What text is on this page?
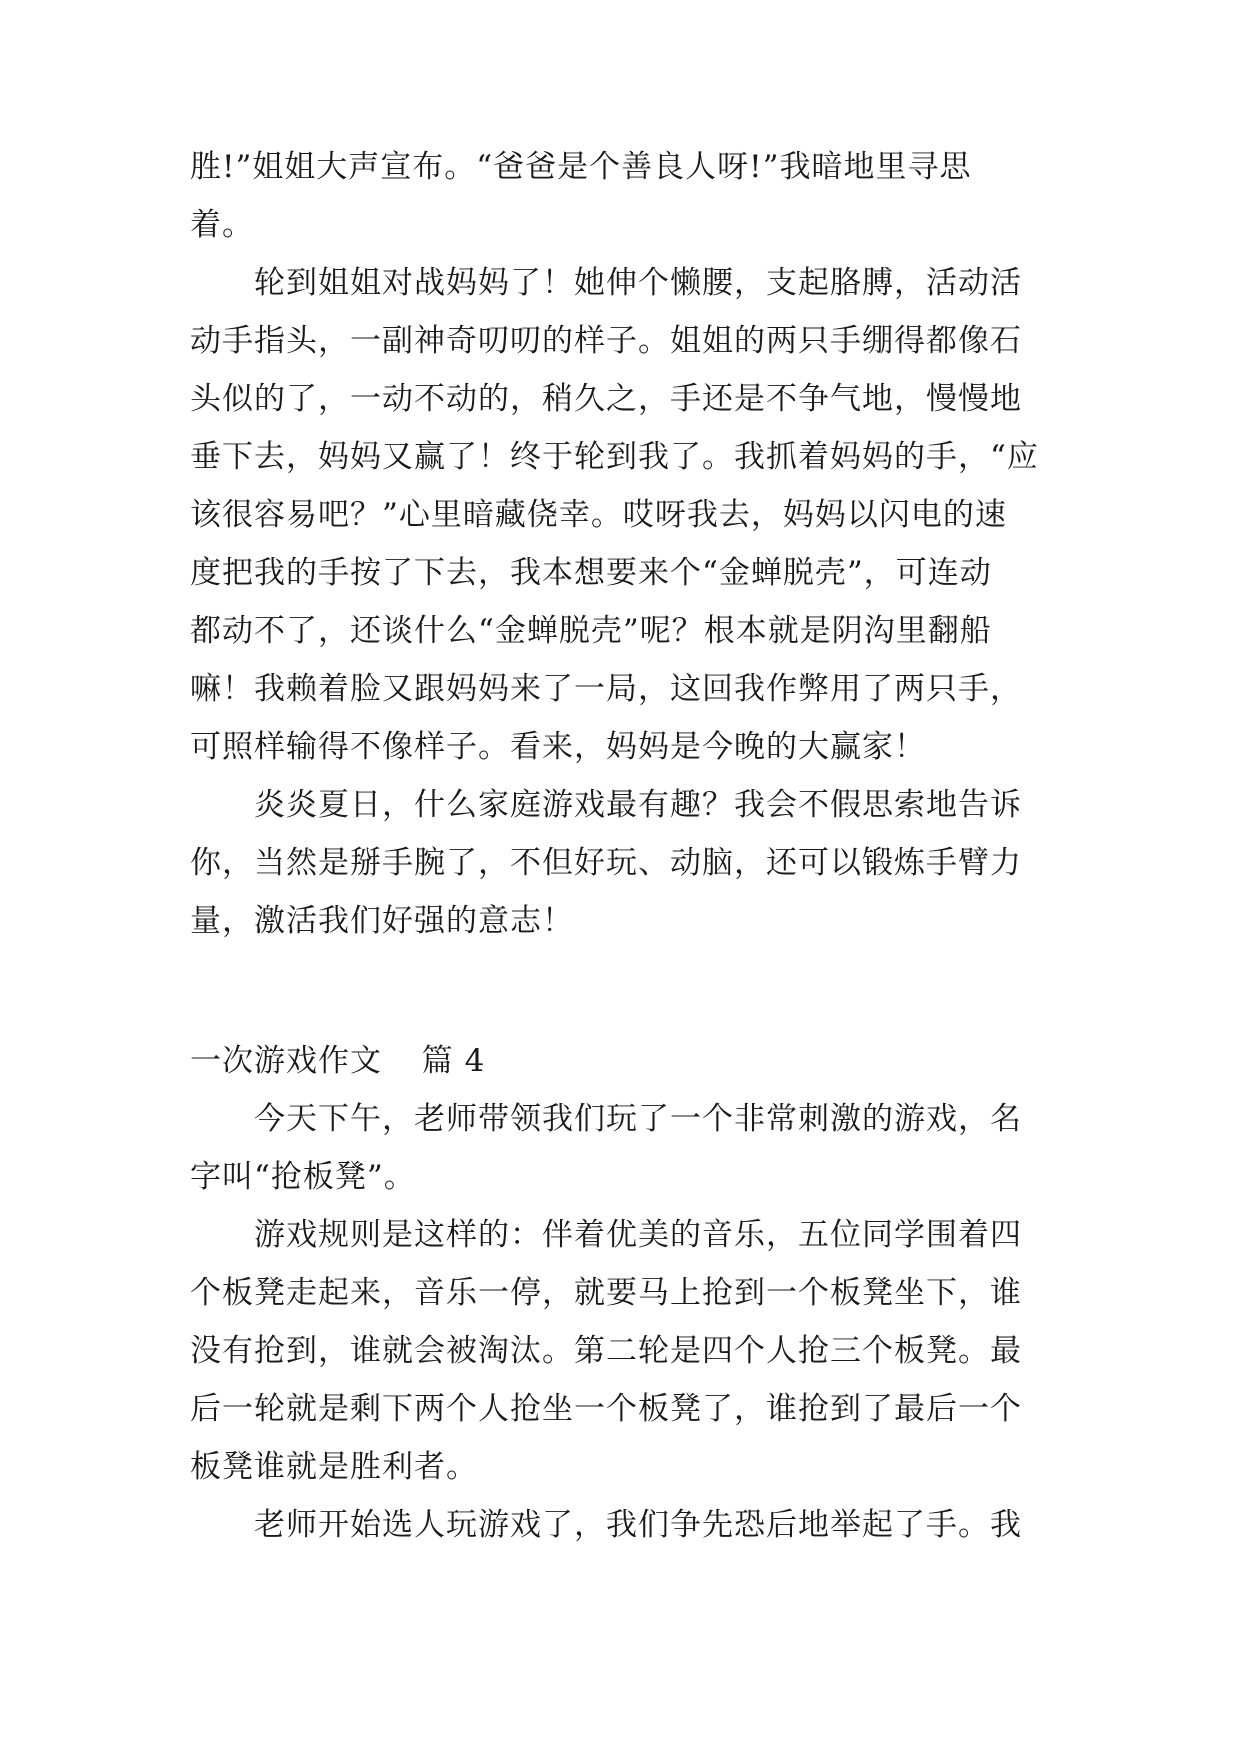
胜!”姐姐大声宣布。“爸爸是个善良人呀!”我暗地里寻思
着。
轮到姐姐对战妈妈了！她伸个懒腰，支起胳膊，活动活
动手指头，一副神奇叨叨的样子。姐姐的两只手绷得都像石
头似的了，一动不动的，稍久之，手还是不争气地，慢慢地
垂下去，妈妈又赢了！终于轮到我了。我抓着妈妈的手，“应
该很容易吧？”心里暗藏侥幸。哎呀我去，妈妈以闪电的速
度把我的手按了下去，我本想要来个“金蝉脱壳”，可连动
都动不了，还谈什么“金蝉脱壳”呢？根本就是阴沟里翻船
嘛！我赖着脸又跟妈妈来了一局，这回我作弊用了两只手，
可照样输得不像样子。看来，妈妈是今晚的大赢家！
炎炎夏日，什么家庭游戏最有趣？我会不假思索地告诉
你，当然是掰手腕了，不但好玩、动脑，还可以锻炼手臂力
量，激活我们好强的意志！
一次游戏作文 篇 4
今天下午，老师带领我们玩了一个非常刺激的游戏，名
字叫“抢板凳”。
游戏规则是这样的：伴着优美的音乐，五位同学围着四
个板凳走起来，音乐一停，就要马上抢到一个板凳坐下，谁
没有抢到，谁就会被淘汰。第二轮是四个人抢三个板凳。最
后一轮就是剩下两个人抢坐一个板凳了，谁抢到了最后一个
板凳谁就是胜利者。
老师开始选人玩游戏了，我们争先恐后地举起了手。我
